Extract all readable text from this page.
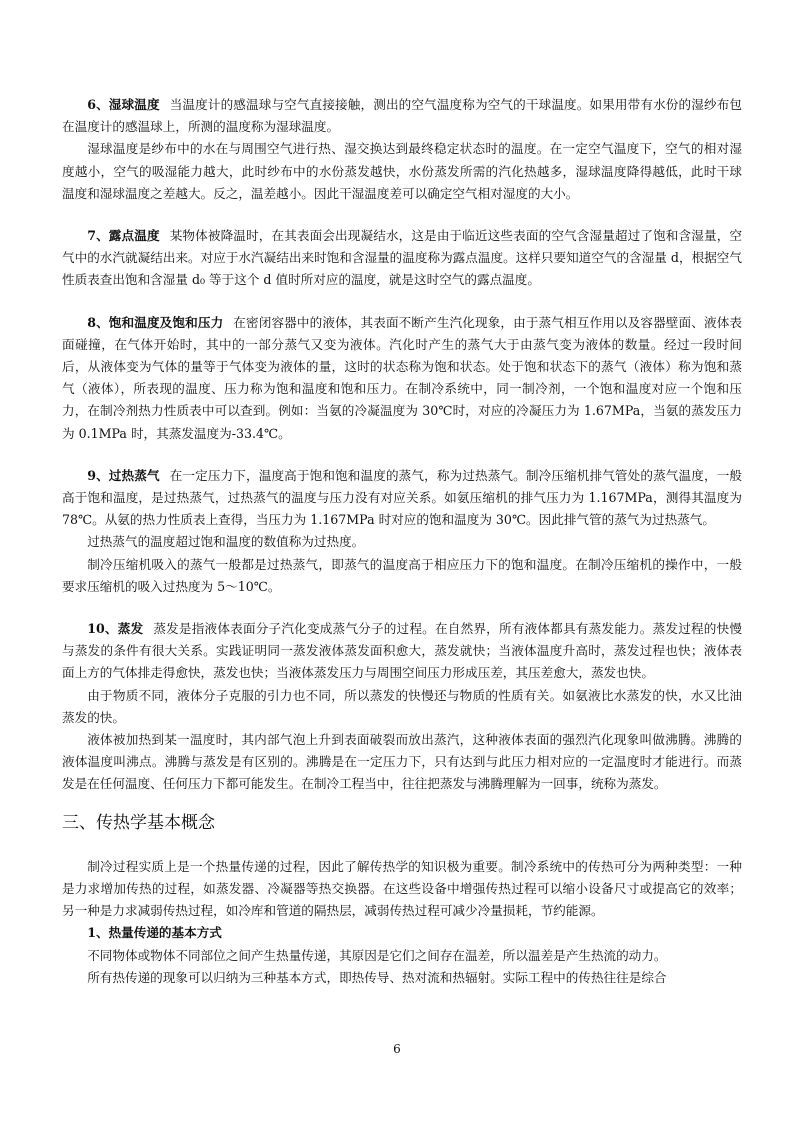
6、湿球温度 当温度计的感温球与空气直接接触，测出的空气温度称为空气的干球温度。如果用带有水份的湿纱布包在温度计的感温球上，所测的温度称为湿球温度。

湿球温度是纱布中的水在与周围空气进行热、湿交换达到最终稳定状态时的温度。在一定空气温度下，空气的相对湿度越小，空气的吸湿能力越大，此时纱布中的水份蒸发越快，水份蒸发所需的汽化热越多，湿球温度降得越低，此时干球温度和湿球温度之差越大。反之，温差越小。因此干湿温度差可以确定空气相对湿度的大小。

7、露点温度 某物体被降温时，在其表面会出现凝结水，这是由于临近这些表面的空气含湿量超过了饱和含湿量，空气中的水汽就凝结出来。对应于水汽凝结出来时饱和含湿量的温度称为露点温度。这样只要知道空气的含湿量 d，根据空气性质表查出饱和含湿量 d₀ 等于这个 d 值时所对应的温度，就是这时空气的露点温度。

8、饱和温度及饱和压力 在密闭容器中的液体，其表面不断产生汽化现象，由于蒸气相互作用以及容器壁面、液体表面碰撞，在气体开始时，其中的一部分蒸气又变为液体。汽化时产生的蒸气大于由蒸气变为液体的数量。经过一段时间后，从液体变为气体的量等于气体变为液体的量，这时的状态称为饱和状态。处于饱和状态下的蒸气（液体）称为饱和蒸气（液体），所表现的温度、压力称为饱和温度和饱和压力。在制冷系统中，同一制冷剂，一个饱和温度对应一个饱和压力，在制冷剂热力性质表中可以查到。例如：当氨的冷凝温度为 30℃时，对应的冷凝压力为 1.67MPa，当氨的蒸发压力为 0.1MPa 时，其蒸发温度为-33.4℃。

9、过热蒸气 在一定压力下，温度高于饱和饱和温度的蒸气，称为过热蒸气。制冷压缩机排气管处的蒸气温度，一般高于饱和温度，是过热蒸气，过热蒸气的温度与压力没有对应关系。如氨压缩机的排气压力为 1.167MPa，测得其温度为 78℃。从氨的热力性质表上查得，当压力为 1.167MPa 时对应的饱和温度为 30℃。因此排气管的蒸气为过热蒸气。

过热蒸气的温度超过饱和温度的数值称为过热度。

制冷压缩机吸入的蒸气一般都是过热蒸气，即蒸气的温度高于相应压力下的饱和温度。在制冷压缩机的操作中，一般要求压缩机的吸入过热度为 5～10℃。

10、蒸发 蒸发是指液体表面分子汽化变成蒸气分子的过程。在自然界，所有液体都具有蒸发能力。蒸发过程的快慢与蒸发的条件有很大关系。实践证明同一蒸发液体蒸发面积愈大，蒸发就快；当液体温度升高时，蒸发过程也快；液体表面上方的气体排走得愈快，蒸发也快；当液体蒸发压力与周围空间压力形成压差，其压差愈大，蒸发也快。

由于物质不同，液体分子克服的引力也不同，所以蒸发的快慢还与物质的性质有关。如氨液比水蒸发的快，水又比油蒸发的快。

液体被加热到某一温度时，其内部气泡上升到表面破裂而放出蒸汽，这种液体表面的强烈汽化现象叫做沸腾。沸腾的液体温度叫沸点。沸腾与蒸发是有区别的。沸腾是在一定压力下，只有达到与此压力相对应的一定温度时才能进行。而蒸发是在任何温度、任何压力下都可能发生。在制冷工程当中，往往把蒸发与沸腾理解为一回事，统称为蒸发。

三、传热学基本概念

制冷过程实质上是一个热量传递的过程，因此了解传热学的知识极为重要。制冷系统中的传热可分为两种类型：一种是力求增加传热的过程，如蒸发器、冷凝器等热交换器。在这些设备中增强传热过程可以缩小设备尺寸或提高它的效率；另一种是力求减弱传热过程，如冷库和管道的隔热层，减弱传热过程可减少冷量损耗，节约能源。

1、热量传递的基本方式

不同物体或物体不同部位之间产生热量传递，其原因是它们之间存在温差，所以温差是产生热流的动力。

所有热传递的现象可以归纳为三种基本方式，即热传导、热对流和热辐射。实际工程中的传热往往是综合

6
